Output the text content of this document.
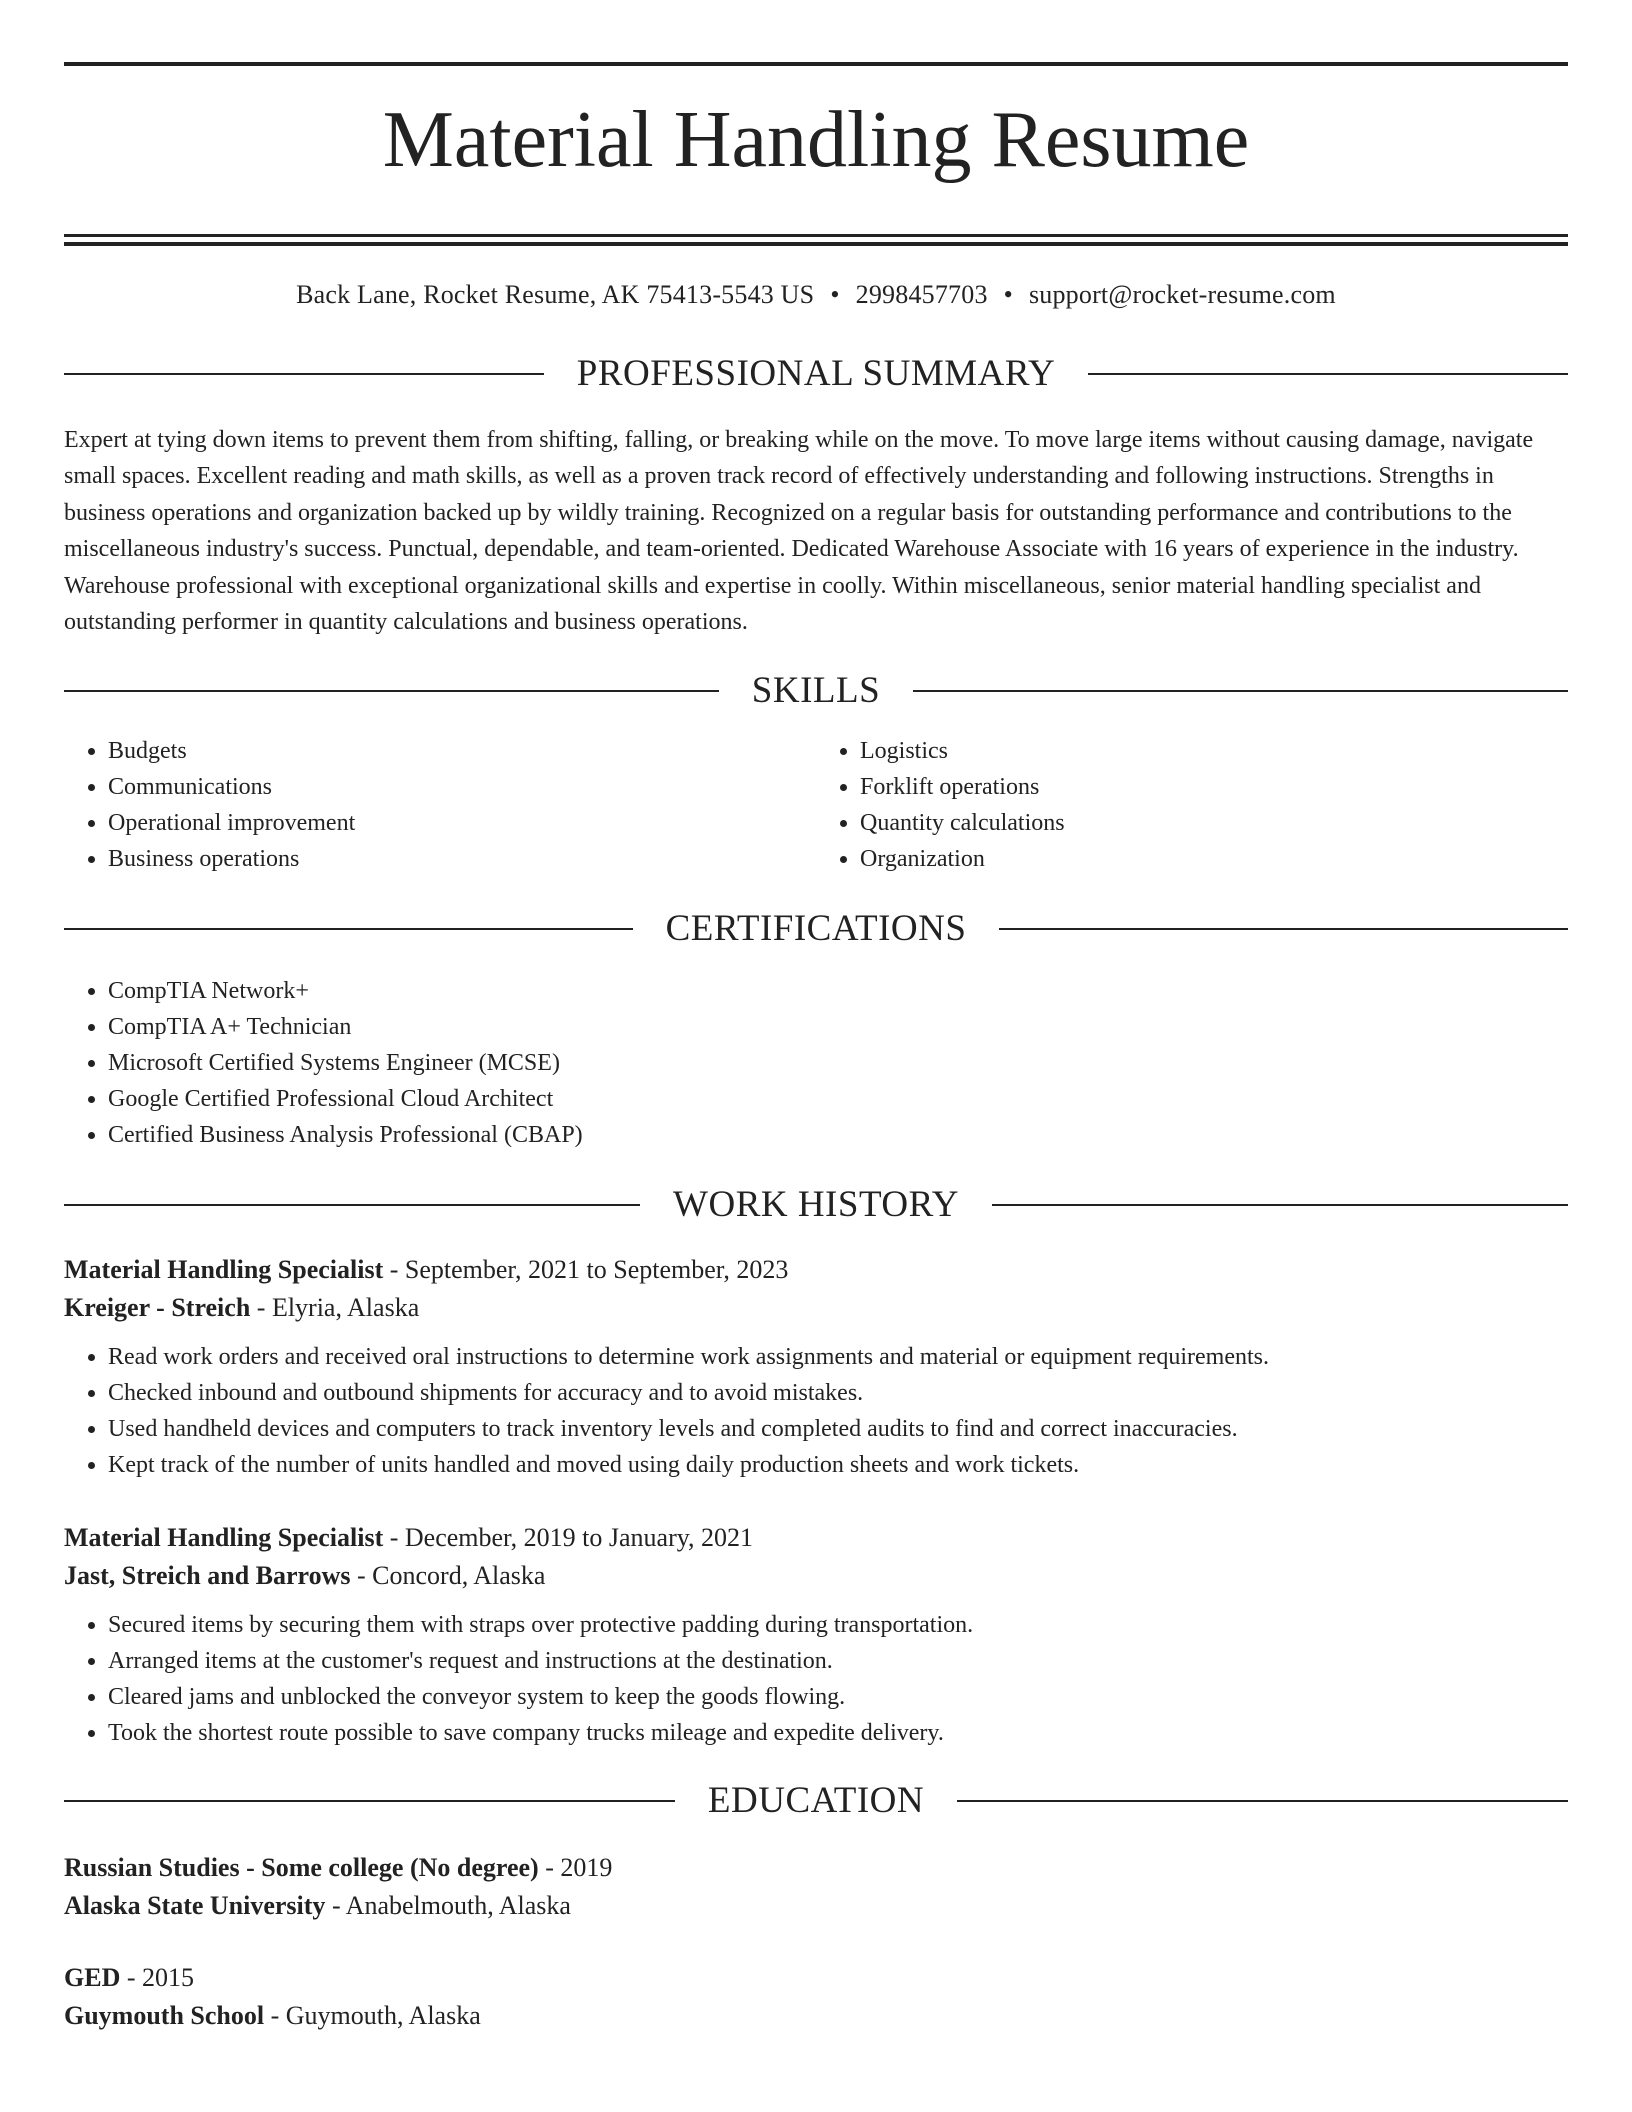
Material Handling Resume
Back Lane, Rocket Resume, AK 75413-5543 US • 2998457703 • support@rocket-resume.com
PROFESSIONAL SUMMARY
Expert at tying down items to prevent them from shifting, falling, or breaking while on the move. To move large items without causing damage, navigate small spaces. Excellent reading and math skills, as well as a proven track record of effectively understanding and following instructions. Strengths in business operations and organization backed up by wildly training. Recognized on a regular basis for outstanding performance and contributions to the miscellaneous industry's success. Punctual, dependable, and team-oriented. Dedicated Warehouse Associate with 16 years of experience in the industry. Warehouse professional with exceptional organizational skills and expertise in coolly. Within miscellaneous, senior material handling specialist and outstanding performer in quantity calculations and business operations.
SKILLS
• Budgets
• Communications
• Operational improvement
• Business operations
• Logistics
• Forklift operations
• Quantity calculations
• Organization
CERTIFICATIONS
• CompTIA Network+
• CompTIA A+ Technician
• Microsoft Certified Systems Engineer (MCSE)
• Google Certified Professional Cloud Architect
• Certified Business Analysis Professional (CBAP)
WORK HISTORY
Material Handling Specialist - September, 2021 to September, 2023
Kreiger - Streich - Elyria, Alaska
• Read work orders and received oral instructions to determine work assignments and material or equipment requirements.
• Checked inbound and outbound shipments for accuracy and to avoid mistakes.
• Used handheld devices and computers to track inventory levels and completed audits to find and correct inaccuracies.
• Kept track of the number of units handled and moved using daily production sheets and work tickets.
Material Handling Specialist - December, 2019 to January, 2021
Jast, Streich and Barrows - Concord, Alaska
• Secured items by securing them with straps over protective padding during transportation.
• Arranged items at the customer's request and instructions at the destination.
• Cleared jams and unblocked the conveyor system to keep the goods flowing.
• Took the shortest route possible to save company trucks mileage and expedite delivery.
EDUCATION
Russian Studies - Some college (No degree) - 2019
Alaska State University - Anabelmouth, Alaska
GED - 2015
Guymouth School - Guymouth, Alaska
